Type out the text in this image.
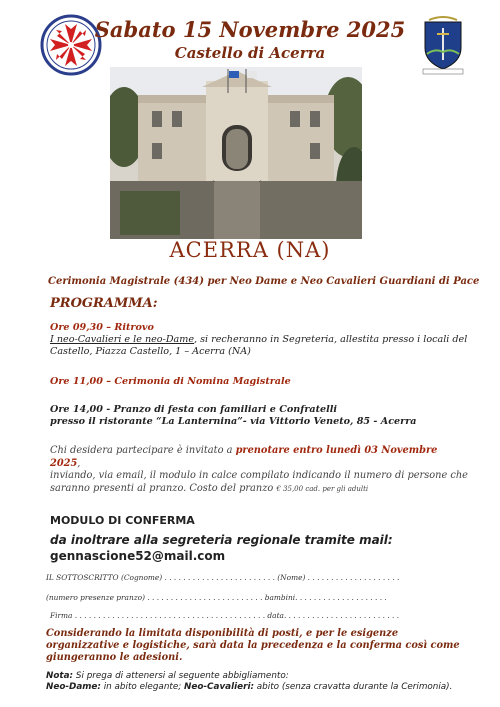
Sabato 15 Novembre 2025
Castello di Acerra
ACERRA (NA)
Cerimonia Magistrale (434) per Neo Dame e Neo Cavalieri Guardiani di Pace
PROGRAMMA:
Ore 09,30 – Ritrovo
I neo-Cavalieri e le neo-Dame, si recheranno in Segreteria, allestita presso i locali del
Castello, Piazza Castello, 1 – Acerra (NA)
Ore 11,00 – Cerimonia di Nomina Magistrale
Ore 14,00 - Pranzo di festa con familiari e Confratelli
presso il ristorante “La Lanternina”- via Vittorio Veneto, 85 - Acerra
Chi desidera partecipare è invitato a prenotare entro lunedì 03 Novembre 2025,
inviando, via email, il modulo in calce compilato indicando il numero di persone che
saranno presenti al pranzo. Costo del pranzo € 35,00 cad. per gli adulti
MODULO DI CONFERMA
da inoltrare alla segreteria regionale tramite mail:
gennascione52@mail.com
IL SOTTOSCRITTO (Cognome) . . . . . . . . . . . . . . . . . . . . . . . . (Nome) . . . . . . . . . . . . . . . . . . . .
(numero presenze pranzo) . . . . . . . . . . . . . . . . . . . . . . . . . bambini. . . . . . . . . . . . . . . . . . . .
Firma . . . . . . . . . . . . . . . . . . . . . . . . . . . . . . . . . . . . . . . . . data. . . . . . . . . . . . . . . . . . . . . . . . .
Considerando la limitata disponibilità di posti, e per le esigenze
organizzative e logistiche, sarà data la precedenza e la conferma così come
giungeranno le adesioni.
Nota: Si prega di attenersi al seguente abbigliamento:
Neo-Dame: in abito elegante; Neo-Cavalieri: abito (senza cravatta durante la Cerimonia).
